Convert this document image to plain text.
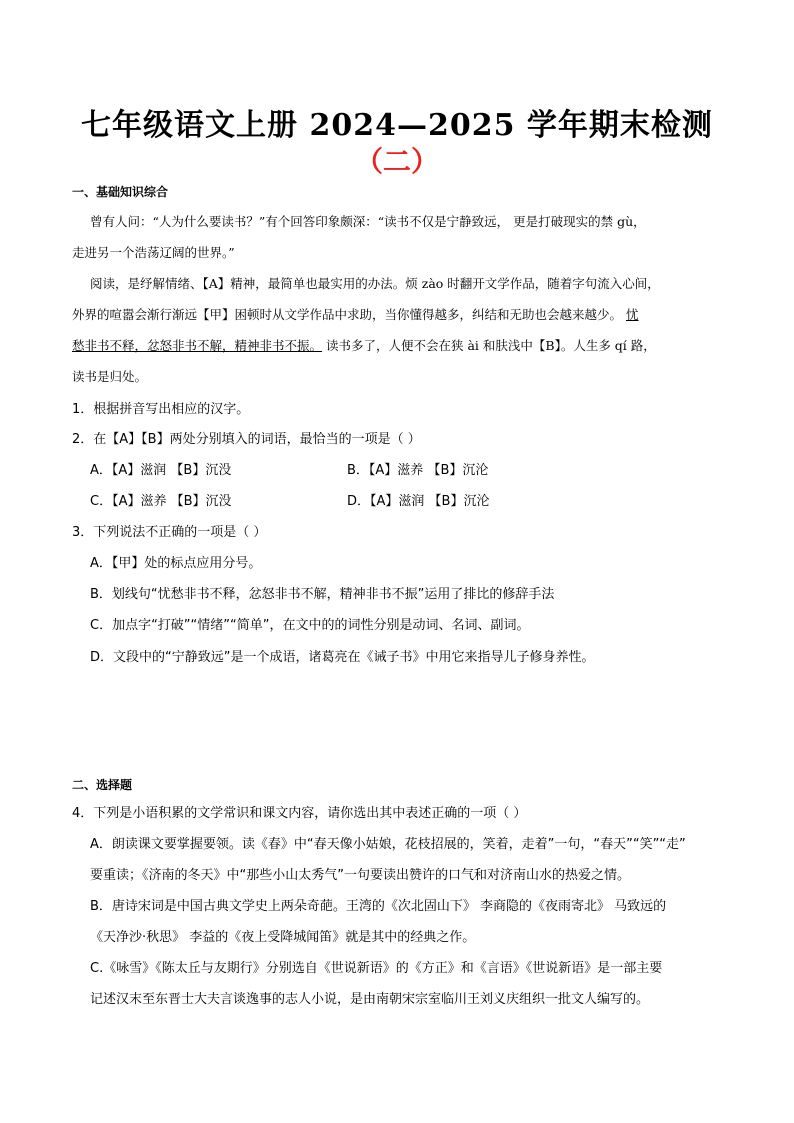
七年级语文上册 2024—2025 学年期末检测
（二）
一、基础知识综合
曾有人问：“人为什么要读书？”有个回答印象颇深：“读书不仅是宁静致远， 更是打破现实的禁 gù，
走进另一个浩荡辽阔的世界。”
阅读，是纾解情绪、【A】精神，最简单也最实用的办法。烦 zào 时翻开文学作品，随着字句流入心间，
外界的喧嚣会渐行渐远【甲】困顿时从文学作品中求助，当你懂得越多，纠结和无助也会越来越少。 忧
愁非书不释，忿怒非书不解，精神非书不振。 读书多了，人便不会在狭 ài 和肤浅中【B】。人生多 qí 路，
读书是归处。
1．根据拼音写出相应的汉字。
2．在【A】【B】两处分别填入的词语，最恰当的一项是（ ）
A．【A】滋润 【B】沉没	B．【A】滋养 【B】沉沦
C．【A】滋养 【B】沉没	D．【A】滋润 【B】沉沦
3．下列说法不正确的一项是（ ）
A．【甲】处的标点应用分号。
B．划线句“忧愁非书不释，忿怒非书不解，精神非书不振”运用了排比的修辞手法
C．加点字“打破”“情绪”“简单”，在文中的的词性分别是动词、名词、副词。
D．文段中的“宁静致远”是一个成语，诸葛亮在《诫子书》中用它来指导儿子修身养性。
二、选择题
4．下列是小语积累的文学常识和课文内容，请你选出其中表述正确的一项（ ）
A．朗读课文要掌握要领。读《春》中“春天像小姑娘，花枝招展的，笑着，走着”一句，“春天”“笑”“走”
要重读；《济南的冬天》中“那些小山太秀气”一句要读出赞许的口气和对济南山水的热爱之情。
B．唐诗宋词是中国古典文学史上两朵奇葩。王湾的《次北固山下》 李商隐的《夜雨寄北》 马致远的
《天净沙·秋思》 李益的《夜上受降城闻笛》就是其中的经典之作。
C.《咏雪》《陈太丘与友期行》分别选自《世说新语》的《方正》和《言语》《世说新语》是一部主要
记述汉末至东晋士大夫言谈逸事的志人小说，是由南朝宋宗室临川王刘义庆组织一批文人编写的。
